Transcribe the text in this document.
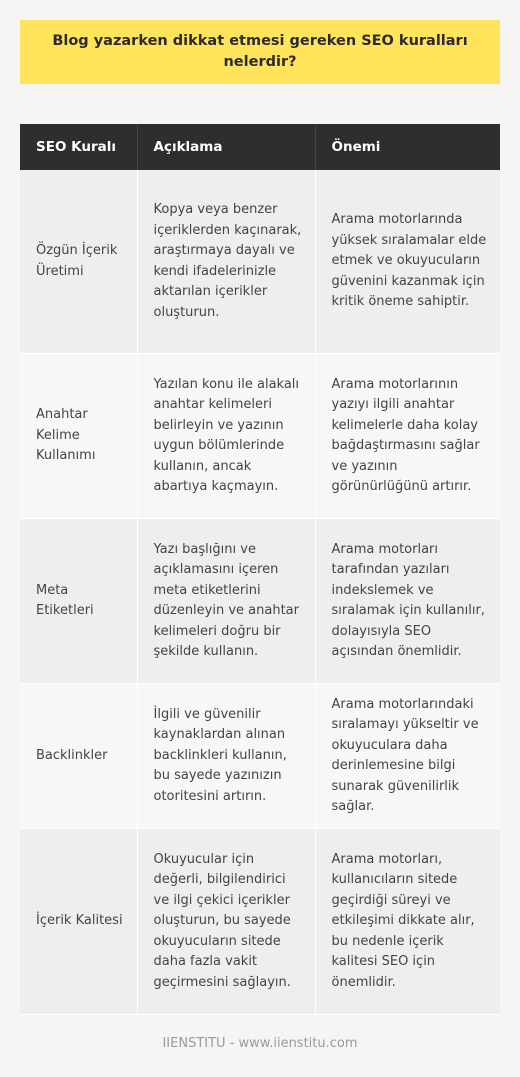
Blog yazarken dikkat etmesi gereken SEO kuralları nelerdir?
SEO Kuralı	Açıklama	Önemi
Özgün İçerik Üretimi	Kopya veya benzer içeriklerden kaçınarak, araştırmaya dayalı ve kendi ifadelerinizle aktarılan içerikler oluşturun.	Arama motorlarında yüksek sıralamalar elde etmek ve okuyucuların güvenini kazanmak için kritik öneme sahiptir.
Anahtar Kelime Kullanımı	Yazılan konu ile alakalı anahtar kelimeleri belirleyin ve yazının uygun bölümlerinde kullanın, ancak abartıya kaçmayın.	Arama motorlarının yazıyı ilgili anahtar kelimelerle daha kolay bağdaştırmasını sağlar ve yazının görünürlüğünü artırır.
Meta Etiketleri	Yazı başlığını ve açıklamasını içeren meta etiketlerini düzenleyin ve anahtar kelimeleri doğru bir şekilde kullanın.	Arama motorları tarafından yazıları indekslemek ve sıralamak için kullanılır, dolayısıyla SEO açısından önemlidir.
Backlinkler	İlgili ve güvenilir kaynaklardan alınan backlinkleri kullanın, bu sayede yazınızın otoritesini artırın.	Arama motorlarındaki sıralamayı yükseltir ve okuyuculara daha derinlemesine bilgi sunarak güvenilirlik sağlar.
İçerik Kalitesi	Okuyucular için değerli, bilgilendirici ve ilgi çekici içerikler oluşturun, bu sayede okuyucuların sitede daha fazla vakit geçirmesini sağlayın.	Arama motorları, kullanıcıların sitede geçirdiği süreyi ve etkileşimi dikkate alır, bu nedenle içerik kalitesi SEO için önemlidir.
IIENSTITU - www.iienstitu.com
